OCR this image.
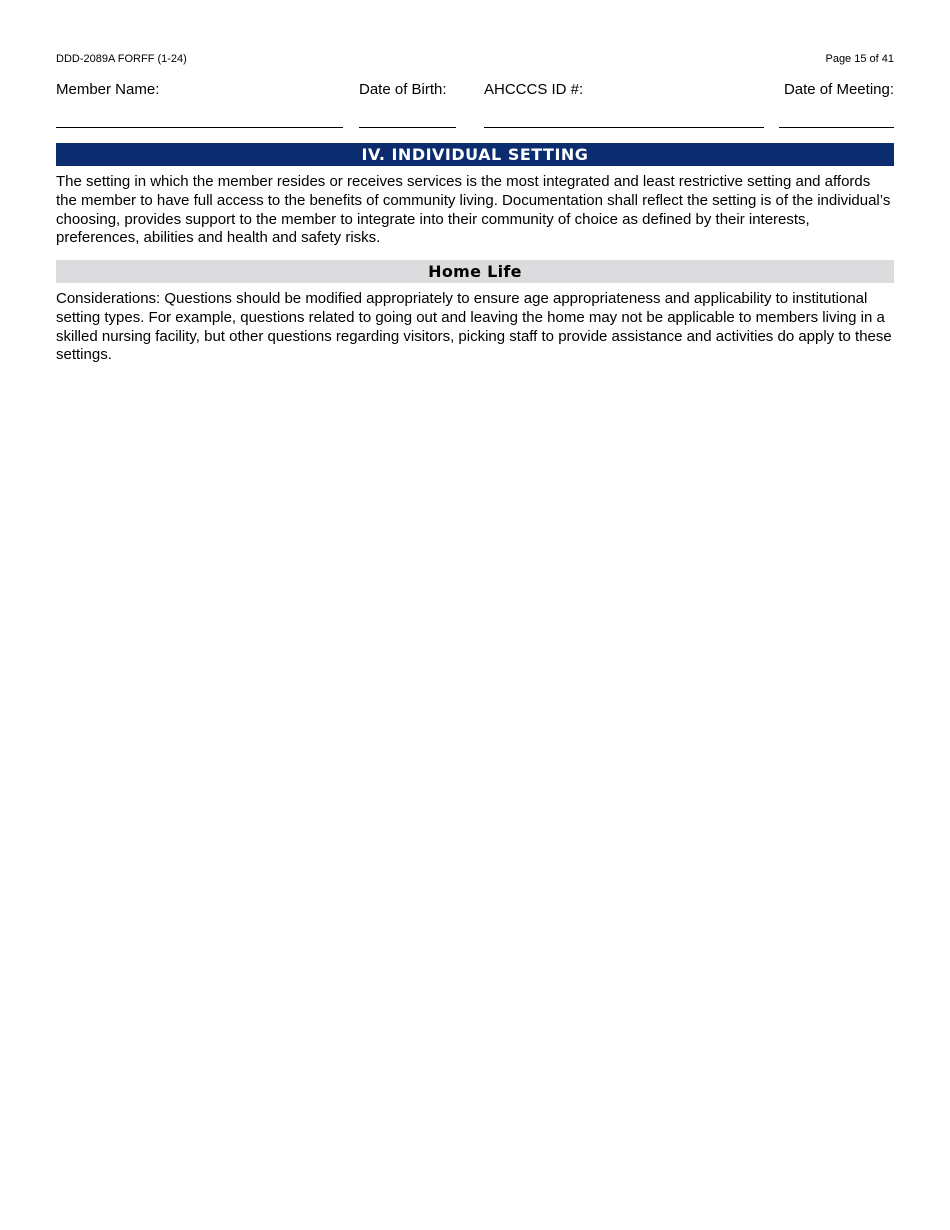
DDD-2089A FORFF (1-24)	Page 15 of 41
Member Name:	Date of Birth:	AHCCCS ID #:	Date of Meeting:
IV. INDIVIDUAL SETTING
The setting in which the member resides or receives services is the most integrated and least restrictive setting and affords the member to have full access to the benefits of community living. Documentation shall reflect the setting is of the individual’s choosing, provides support to the member to integrate into their community of choice as defined by their interests, preferences, abilities and health and safety risks.
Home Life
Considerations: Questions should be modified appropriately to ensure age appropriateness and applicability to institutional setting types. For example, questions related to going out and leaving the home may not be applicable to members living in a skilled nursing facility, but other questions regarding visitors, picking staff to provide assistance and activities do apply to these settings.
